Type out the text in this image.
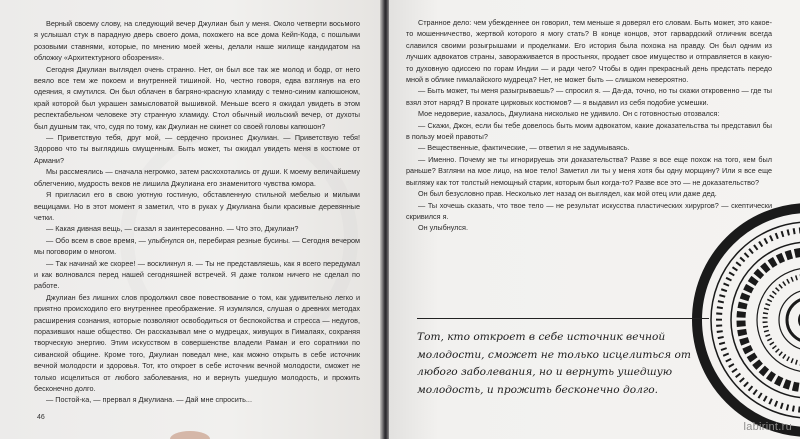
Верный своему слову, на следующий вечер Джулиан был у меня. Около четверти восьмого я услышал стук в парадную дверь своего дома, похожего на все дома Кейп-Кода, с пошлыми розовыми ставнями, которые, по мнению моей жены, делали наше жилище кандидатом на обложку «Архитектурного обозрения».

Сегодня Джулиан выглядел очень странно. Нет, он был все так же молод и бодр, от него веяло все тем же покоем и внутренней тишиной. Но, честно говоря, едва взглянув на его одеяния, я смутился. Он был облачен в багряно-красную хламиду с темно-синим капюшоном, край которой был украшен замысловатой вышивкой. Меньше всего я ожидал увидеть в этом респектабельном человеке эту странную хламиду. Стол обычный июльский вечер, от духоты был душным так, что, судя по тому, как Джулиан не скинет со своей головы капюшон?

— Приветствую тебя, друг мой, — сердечно произнес Джулиан. — Приветствую тебя! Здорово что ты выглядишь смущенным. Быть может, ты ожидал увидеть меня в костюме от Армани?

Мы рассмеялись — сначала негромко, затем расхохотались от души. К моему величайшему облегчению, мудрость веков не лишила Джулиана его знаменитого чувства юмора.

Я пригласил его в свою уютную гостиную, обставленную стильной мебелью и милыми вещицами. Но в этот момент я заметил, что в руках у Джулиана были красивые деревянные четки.

— Какая дивная вещь, — сказал я заинтересованно. — Что это, Джулиан?

— Обо всем в свое время, — улыбнулся он, перебирая резные бусины. — Сегодня вечером мы поговорим о многом.

— Так начинай же скорее! — воскликнул я. — Ты не представляешь, как я всего передумал и как волновался перед нашей сегодняшней встречей. Я даже толком ничего не сделал по работе.

Джулиан без лишних слов продолжил свое повествование о том, как удивительно легко и приятно происходило его внутреннее преображение. Я изумлялся, слушая о древних методах расширения сознания, которые позволяют освободиться от беспокойства и стресса — недугов, поразивших наше общество. Он рассказывал мне о мудрецах, живущих в Гималаях, сохраняя творческую энергию. Этим искусством в совершенстве владели Раман и его соратники по сиванской общине. Кроме того, Джулиан поведал мне, как можно открыть в себе источник вечной молодости и здоровья. Тот, кто откроет в себе источник вечной молодости, сможет не только исцелиться от любого заболевания, но и вернуть ушедшую молодость, и прожить бесконечно долго.

— Постой-ка, — прервал я Джулиана. — Дай мне спросить...

46

Странное дело: чем убежденнее он говорил, тем меньше я доверял его словам. Быть может, это какое-то мошенничество, жертвой которого я могу стать? В конце концов, этот гарвардский отличник всегда славился своими розыгрышами и проделками. Его история была похожа на правду. Он был одним из лучших адвокатов страны, завораживается в простынях, продает свое имущество и отправляется в какую-то духовную одиссею по горам Индии — и ради чего? Чтобы в один прекрасный день предстать передо мной в облике гималайского мудреца? Нет, не может быть — слишком невероятно.

— Быть может, ты меня разыгрываешь? — спросил я. — Да-да, точно, но ты скажи откровенно — где ты взял этот наряд? В прокате цирковых костюмов? — я выдавил из себя подобие усмешки.

Мое недоверие, казалось, Джулиана нисколько не удивило. Он с готовностью отозвался:

— Скажи, Джон, если бы тебе довелось быть моим адвокатом, какие доказательства ты представил бы в пользу моей правоты?

— Вещественные, фактические, — ответил я не задумываясь.

— Именно. Почему же ты игнорируешь эти доказательства? Разве я все еще похож на того, кем был раньше? Взгляни на мое лицо, на мое тело! Заметил ли ты у меня хотя бы одну морщину? Или я все еще выгляжу как тот толстый немощный старик, которым был когда-то? Разве все это — не доказательство?

Он был безусловно прав. Несколько лет назад он выглядел, как мой отец или даже дед.

— Ты хочешь сказать, что твое тело — не результат искусства пластических хирургов? — скептически скривился я.

Он улыбнулся.

Тот, кто откроет в себе источник вечной молодости, сможет не только исцелиться от любого заболевания, но и вернуть ушедшую молодость, и прожить бесконечно долго.

labirint.ru
